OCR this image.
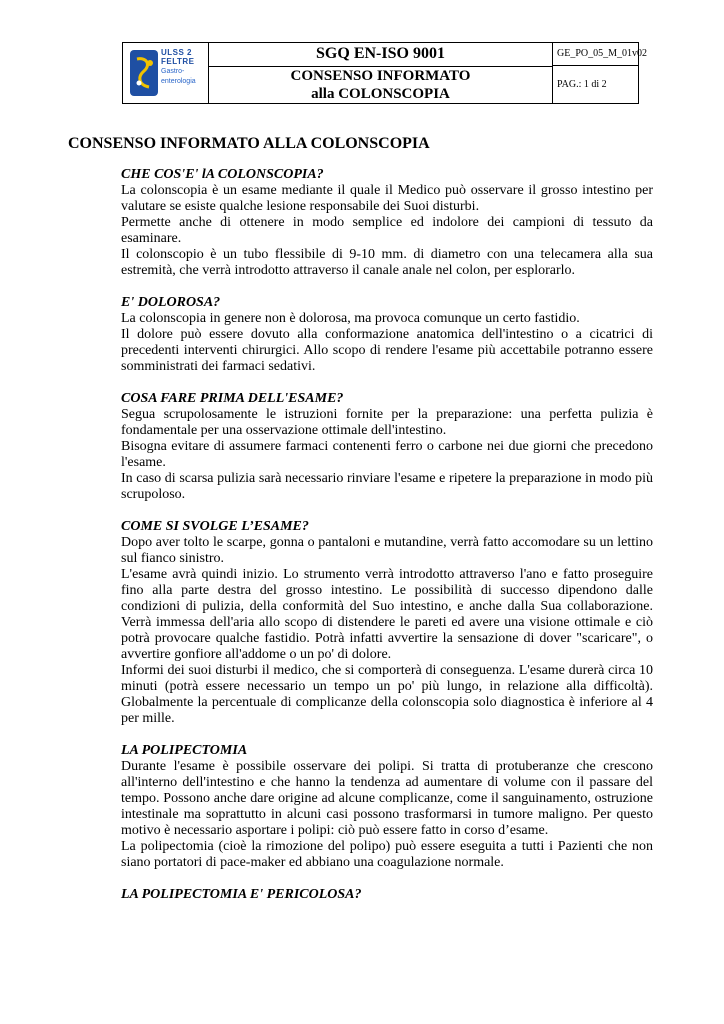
ULSS 2
FELTRE
Gastro-
enterologia
SGQ EN-ISO 9001
CONSENSO INFORMATO
alla COLONSCOPIA
GE_PO_05_M_01v02
PAG.: 1 di 2
CONSENSO INFORMATO ALLA COLONSCOPIA

CHE COS'E' lA COLONSCOPIA?

La colonscopia è un esame mediante il quale il Medico può osservare il grosso intestino per valutare se esiste qualche lesione responsabile dei Suoi disturbi.

Permette anche di ottenere in modo semplice ed indolore dei campioni di tessuto da esaminare.

Il colonscopio è un tubo flessibile di 9-10 mm. di diametro con una telecamera alla sua estremità, che verrà introdotto attraverso il canale anale nel colon, per esplorarlo.

E' DOLOROSA?

La colonscopia in genere non è dolorosa, ma provoca comunque un certo fastidio.

Il dolore può essere dovuto alla conformazione anatomica dell'intestino o a cicatrici di precedenti interventi chirurgici. Allo scopo di rendere l'esame più accettabile potranno essere somministrati dei farmaci sedativi.

COSA FARE PRIMA DELL'ESAME?

Segua scrupolosamente le istruzioni fornite per la preparazione: una perfetta pulizia è fondamentale per una osservazione ottimale dell'intestino.

Bisogna evitare di assumere farmaci contenenti ferro o carbone nei due giorni che precedono l'esame.

In caso di scarsa pulizia sarà necessario rinviare l'esame e ripetere la preparazione in modo più scrupoloso.

COME SI SVOLGE L’ESAME?

Dopo aver tolto le scarpe, gonna o pantaloni e mutandine, verrà fatto accomodare su un lettino sul fianco sinistro.

L'esame avrà quindi inizio. Lo strumento verrà introdotto attraverso l'ano e fatto proseguire fino alla parte destra del grosso intestino. Le possibilità di successo dipendono dalle condizioni di pulizia, della conformità del Suo intestino, e anche dalla Sua collaborazione. Verrà immessa dell'aria allo scopo di distendere le pareti ed avere una visione ottimale e ciò potrà provocare qualche fastidio. Potrà infatti avvertire la sensazione di dover "scaricare", o avvertire gonfiore all'addome o un po' di dolore.

Informi dei suoi disturbi il medico, che si comporterà di conseguenza. L'esame durerà circa 10 minuti (potrà essere necessario un tempo un po' più lungo, in relazione alla difficoltà). Globalmente la percentuale di complicanze della colonscopia solo diagnostica è inferiore al 4 per mille.

LA POLIPECTOMIA

Durante l'esame è possibile osservare dei polipi. Si tratta di protuberanze che crescono all'interno dell'intestino e che hanno la tendenza ad aumentare di volume con il passare del tempo. Possono anche dare origine ad alcune complicanze, come il sanguinamento, ostruzione intestinale ma soprattutto in alcuni casi possono trasformarsi in tumore maligno. Per questo motivo è necessario asportare i polipi: ciò può essere fatto in corso d’esame.

La polipectomia (cioè la rimozione del polipo) può essere eseguita a tutti i Pazienti che non siano portatori di pace-maker ed abbiano una coagulazione normale.

LA POLIPECTOMIA E' PERICOLOSA?
